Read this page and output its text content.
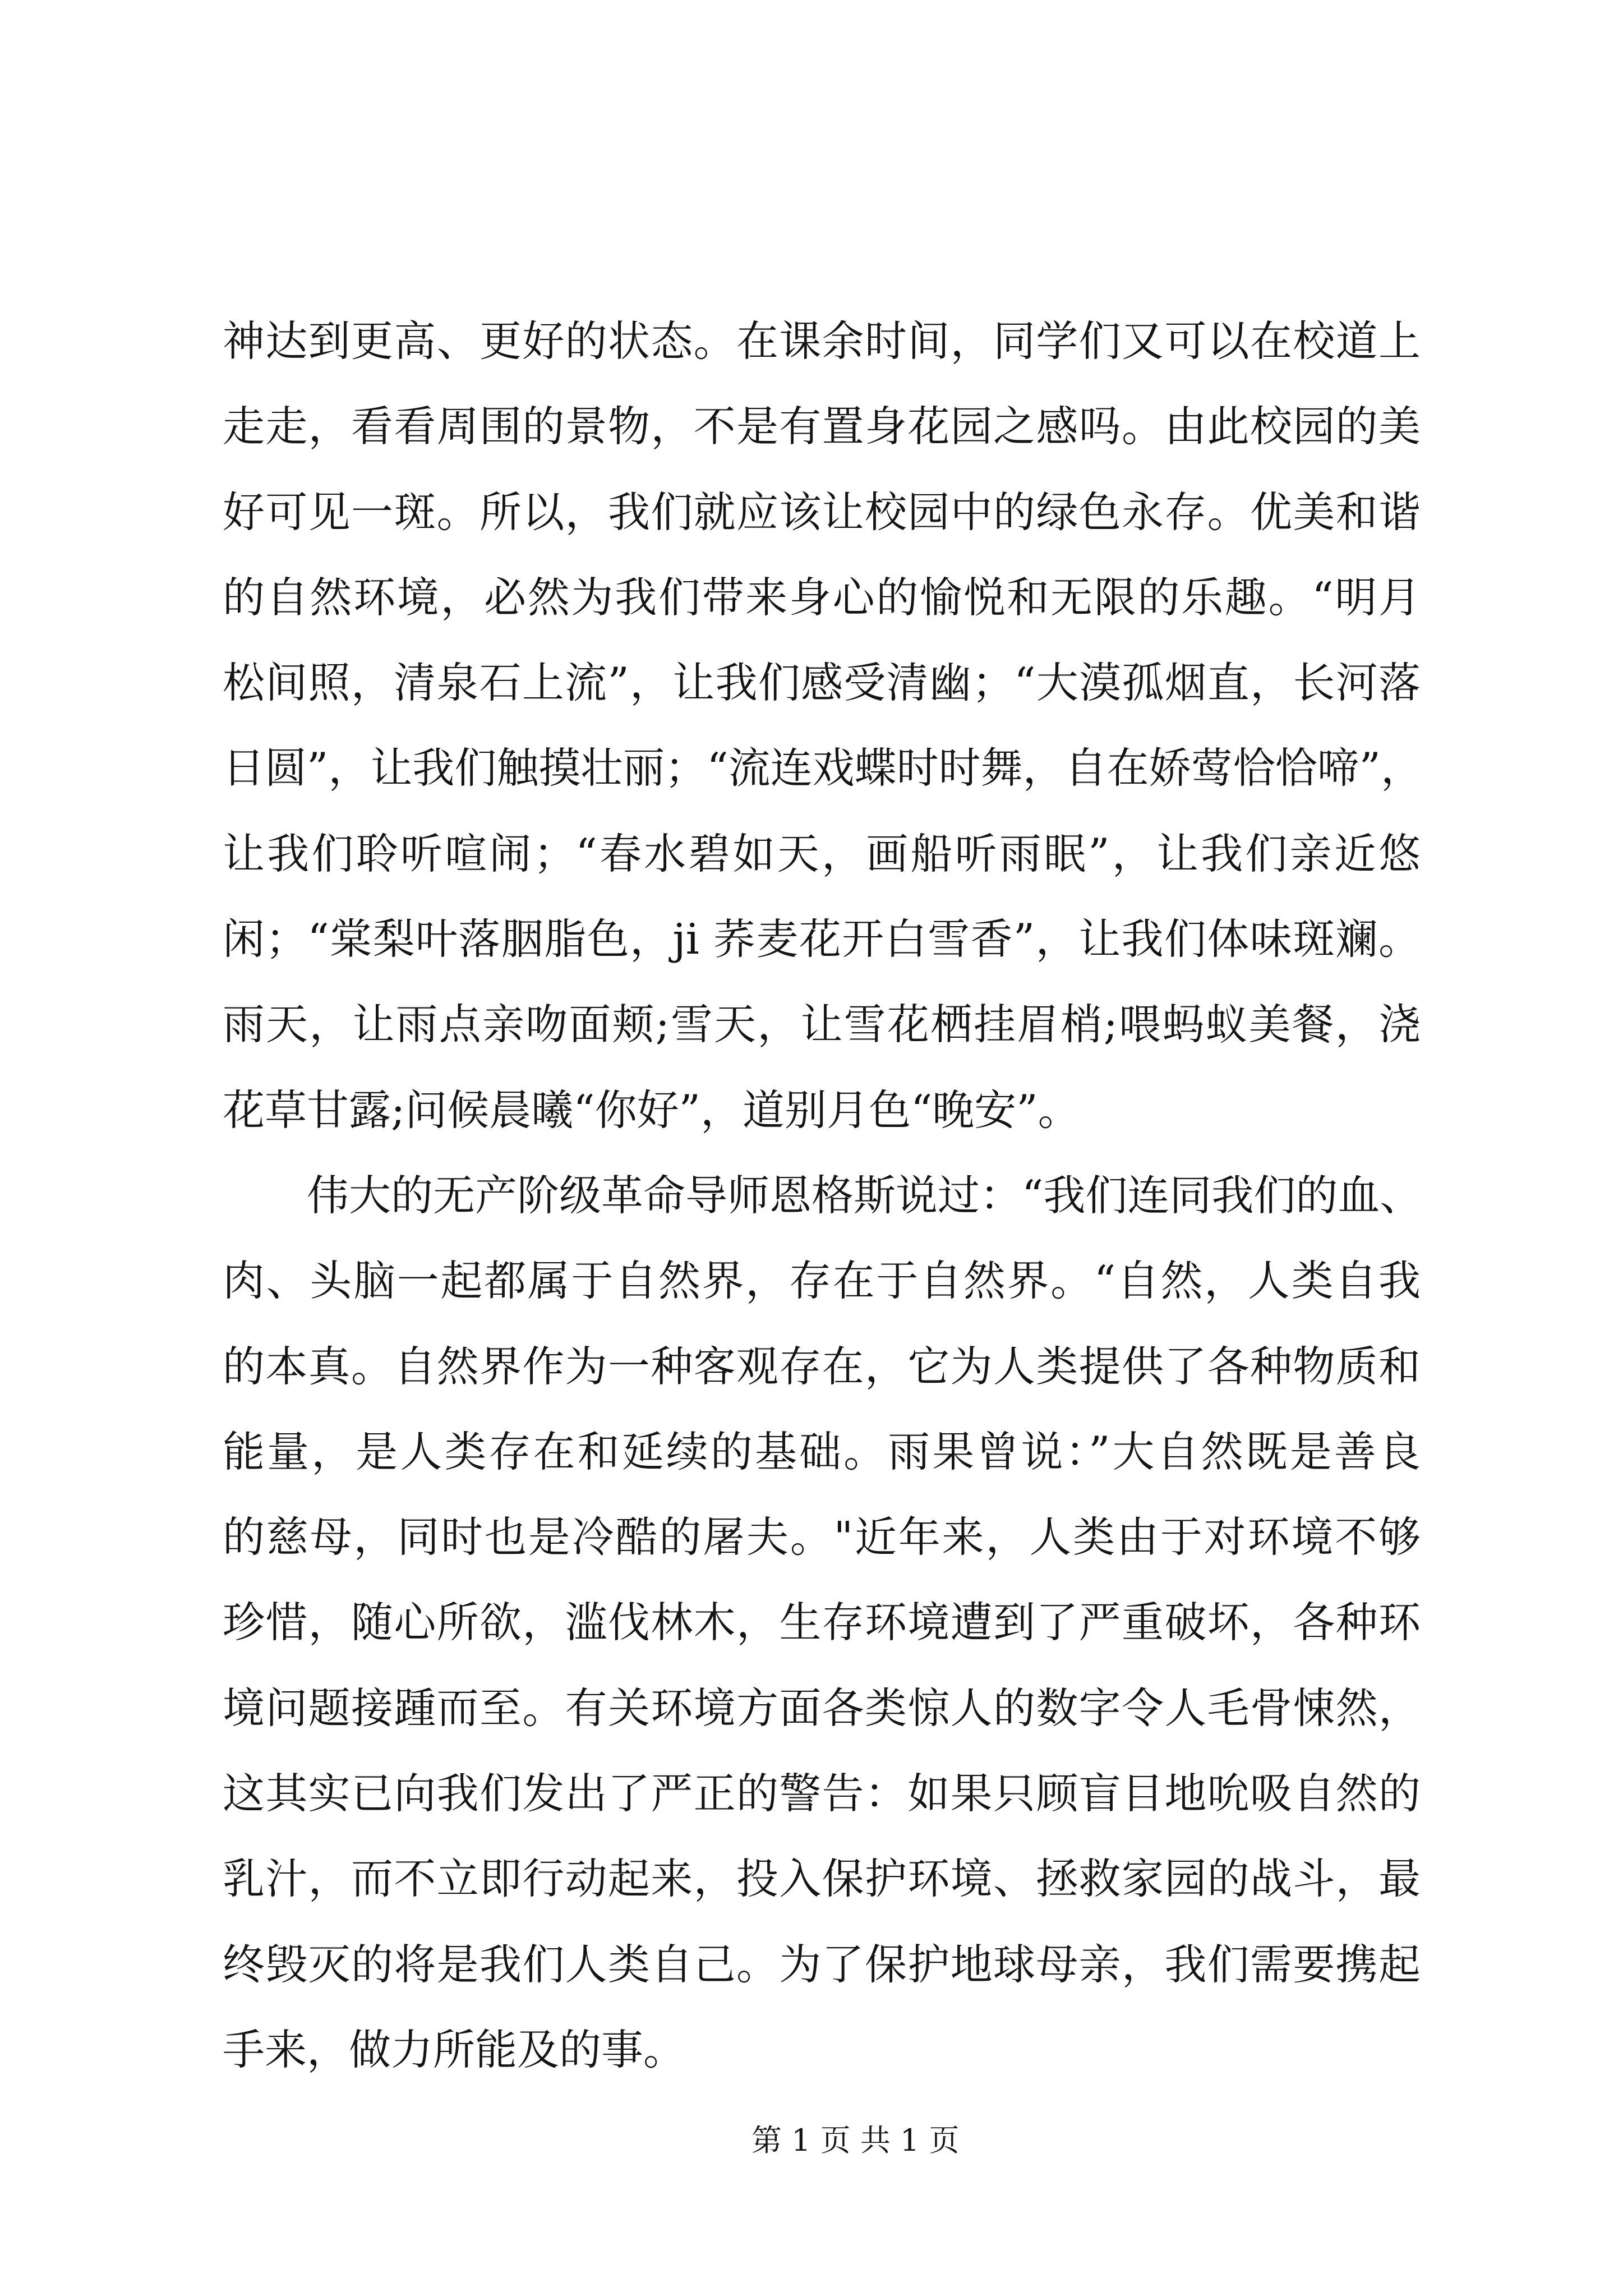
神达到更高、更好的状态。在课余时间，同学们又可以在校道上
走走，看看周围的景物，不是有置身花园之感吗。由此校园的美
好可见一斑。所以，我们就应该让校园中的绿色永存。优美和谐
的自然环境，必然为我们带来身心的愉悦和无限的乐趣。“明月
松间照，清泉石上流”，让我们感受清幽；“大漠孤烟直，长河落
日圆”，让我们触摸壮丽；“流连戏蝶时时舞，自在娇莺恰恰啼”，
让我们聆听喧闹；“春水碧如天，画船听雨眠”，让我们亲近悠
闲；“棠梨叶落胭脂色，ji 荞麦花开白雪香”，让我们体味斑斓。
雨天，让雨点亲吻面颊;雪天，让雪花栖挂眉梢;喂蚂蚁美餐，浇
花草甘露;问候晨曦“你好”，道别月色“晚安”。
伟大的无产阶级革命导师恩格斯说过：“我们连同我们的血、
肉、头脑一起都属于自然界，存在于自然界。“自然，人类自我
的本真。自然界作为一种客观存在，它为人类提供了各种物质和
能量，是人类存在和延续的基础。雨果曾说：”大自然既是善良
的慈母，同时也是冷酷的屠夫。"近年来，人类由于对环境不够
珍惜，随心所欲，滥伐林木，生存环境遭到了严重破坏，各种环
境问题接踵而至。有关环境方面各类惊人的数字令人毛骨悚然，
这其实已向我们发出了严正的警告：如果只顾盲目地吮吸自然的
乳汁，而不立即行动起来，投入保护环境、拯救家园的战斗，最
终毁灭的将是我们人类自己。为了保护地球母亲，我们需要携起
手来，做力所能及的事。
第 1 页 共 1 页
